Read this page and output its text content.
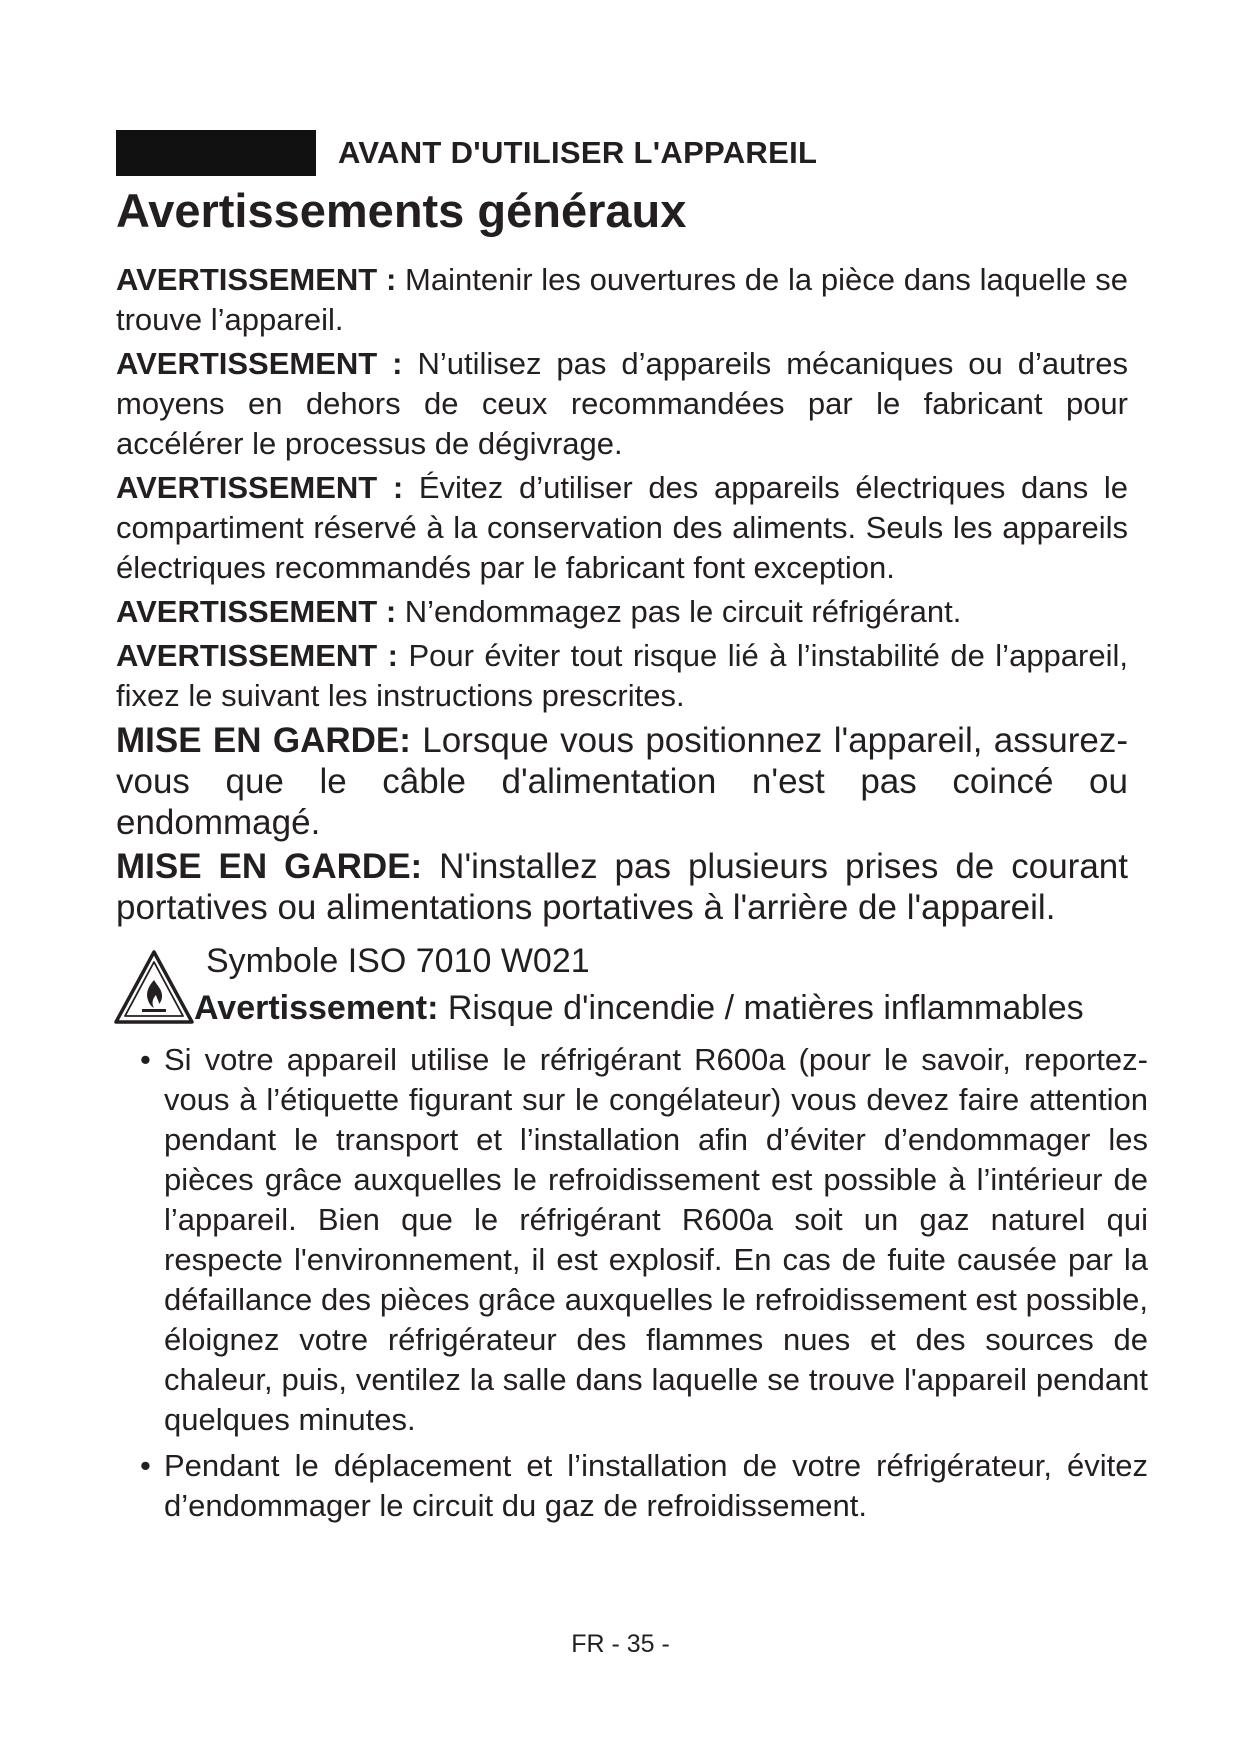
AVANT D'UTILISER L'APPAREIL
Avertissements généraux

AVERTISSEMENT : Maintenir les ouvertures de la pièce dans laquelle se trouve l’appareil.

AVERTISSEMENT : N’utilisez pas d’appareils mécaniques ou d’autres moyens en dehors de ceux recommandées par le fabricant pour accélérer le processus de dégivrage.

AVERTISSEMENT : Évitez d’utiliser des appareils électriques dans le compartiment réservé à la conservation des aliments. Seuls les appareils électriques recommandés par le fabricant font exception.

AVERTISSEMENT : N’endommagez pas le circuit réfrigérant.

AVERTISSEMENT : Pour éviter tout risque lié à l’instabilité de l’appareil, fixez le suivant les instructions prescrites.

MISE EN GARDE: Lorsque vous positionnez l'appareil, assurez-vous que le câble d'alimentation n'est pas coincé ou endommagé.

MISE EN GARDE: N'installez pas plusieurs prises de courant portatives ou alimentations portatives à l'arrière de l'appareil.

Symbole ISO 7010 W021
Avertissement: Risque d'incendie / matières inflammables
• Si votre appareil utilise le réfrigérant R600a (pour le savoir, reportez-vous à l’étiquette figurant sur le congélateur) vous devez faire attention pendant le transport et l’installation afin d’éviter d’endommager les pièces grâce auxquelles le refroidissement est possible à l’intérieur de l’appareil. Bien que le réfrigérant R600a soit un gaz naturel qui respecte l'environnement, il est explosif. En cas de fuite causée par la défaillance des pièces grâce auxquelles le refroidissement est possible, éloignez votre réfrigérateur des flammes nues et des sources de chaleur, puis, ventilez la salle dans laquelle se trouve l'appareil pendant quelques minutes.
• Pendant le déplacement et l’installation de votre réfrigérateur, évitez d’endommager le circuit du gaz de refroidissement.
FR - 35 -
